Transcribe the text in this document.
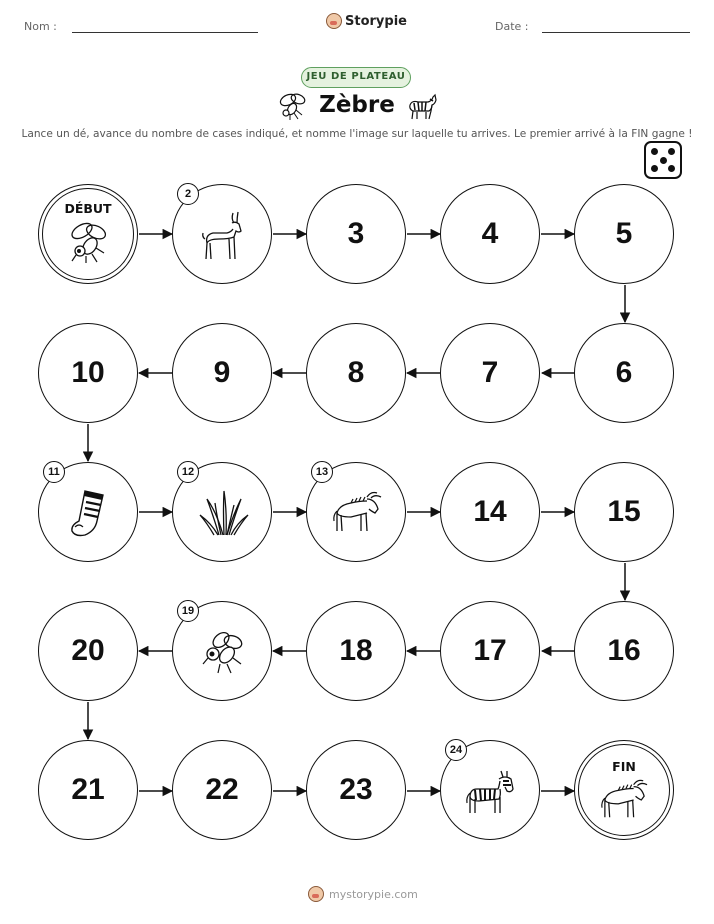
Nom :	Storypie	Date :
JEU DE PLATEAU
Zèbre
Lance un dé, avance du nombre de cases indiqué, et nomme l'image sur laquelle tu arrives. Le premier arrivé à la FIN gagne !
DÉBUT
2
3	4	5
6
7
8
9
10
11	12	13
14	15
16
17
18
19
20
21	22	23
24
FIN
mystorypie.com
